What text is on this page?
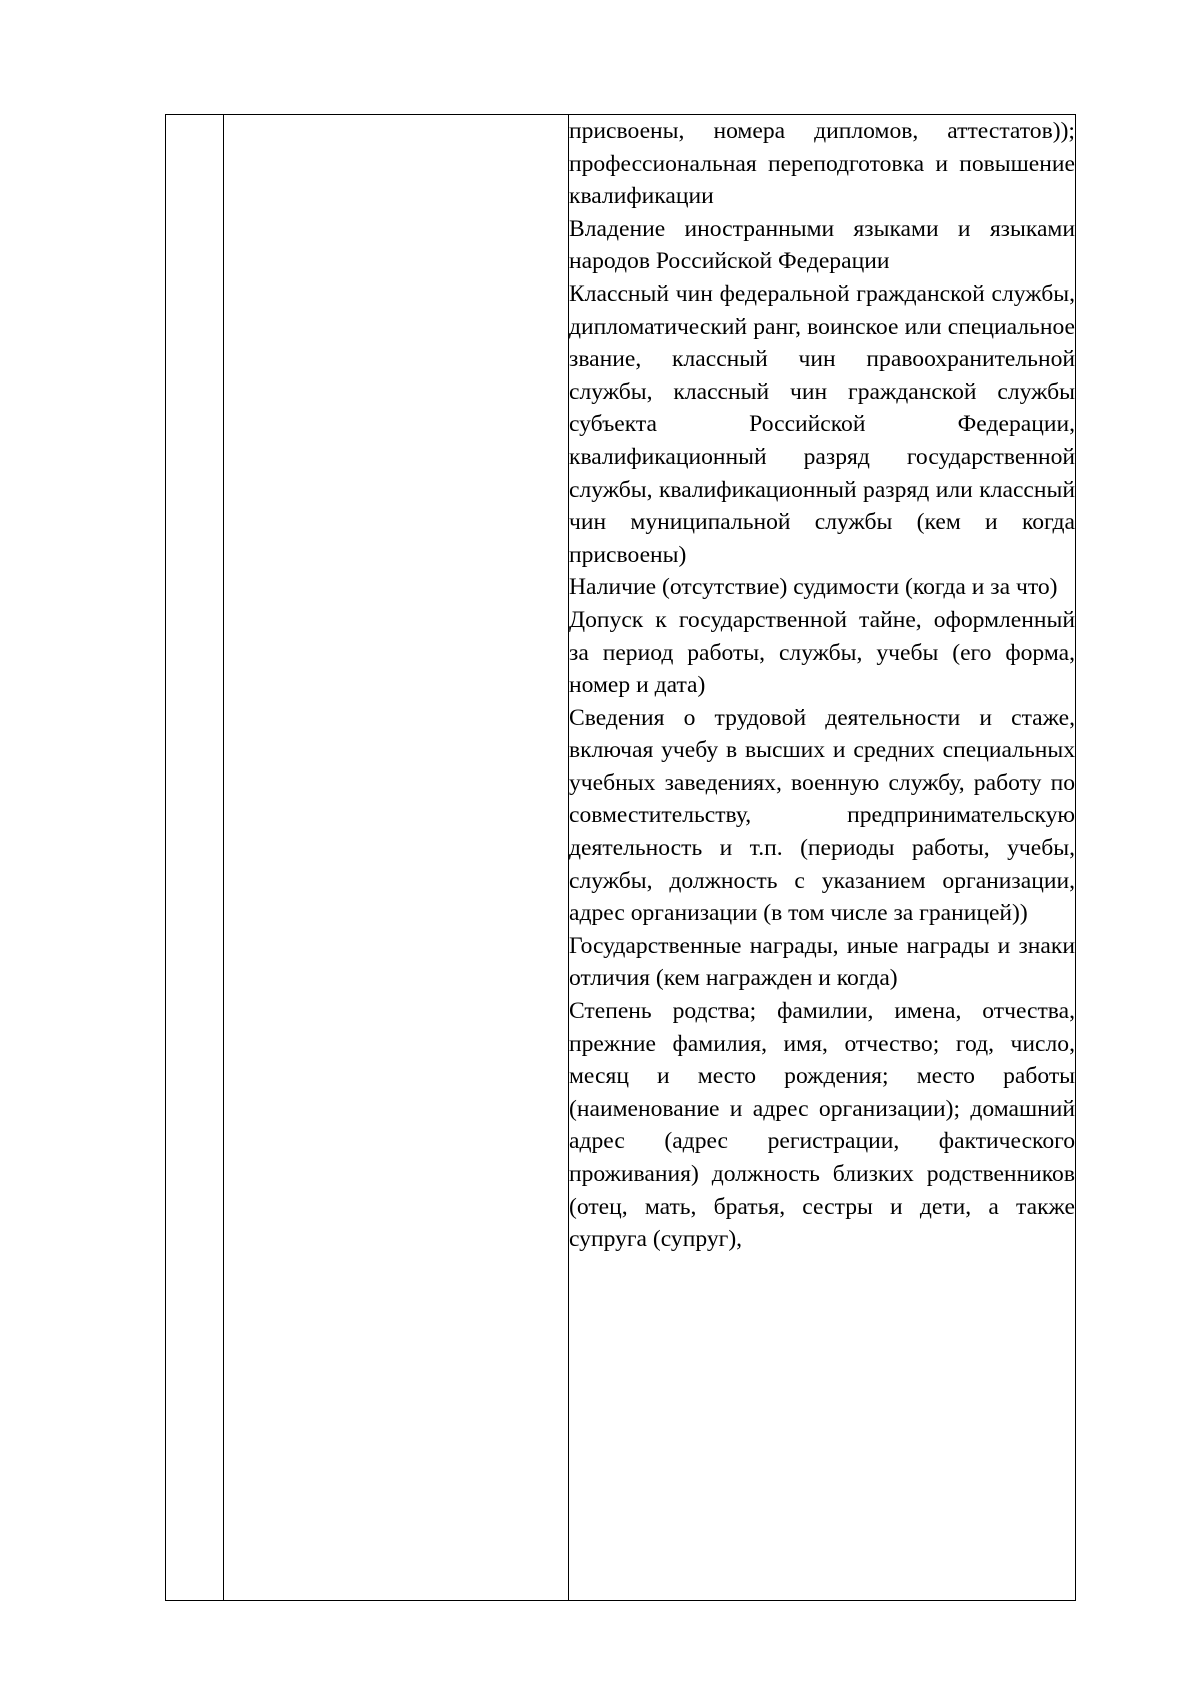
присвоены, номера дипломов, аттестатов)); профессиональная переподготовка и повышение квалификации

Владение иностранными языками и языками народов Российской Федерации

Классный чин федеральной гражданской службы, дипломатический ранг, воинское или специальное звание, классный чин правоохранительной службы, классный чин гражданской службы субъекта Российской Федерации, квалификационный разряд государственной службы, квалификационный разряд или классный чин муниципальной службы (кем и когда присвоены)

Наличие (отсутствие) судимости (когда и за что)

Допуск к государственной тайне, оформленный за период работы, службы, учебы (его форма, номер и дата)

Сведения о трудовой деятельности и стаже, включая учебу в высших и средних специальных учебных заведениях, военную службу, работу по совместительству, предпринимательскую деятельность и т.п. (периоды работы, учебы, службы, должность с указанием организации, адрес организации (в том числе за границей))

Государственные награды, иные награды и знаки отличия (кем награжден и когда)

Степень родства; фамилии, имена, отчества, прежние фамилия, имя, отчество; год, число, месяц и место рождения; место работы (наименование и адрес организации); домашний адрес (адрес регистрации, фактического проживания) должность близких родственников (отец, мать, братья, сестры и дети, а также супруга (супруг),
